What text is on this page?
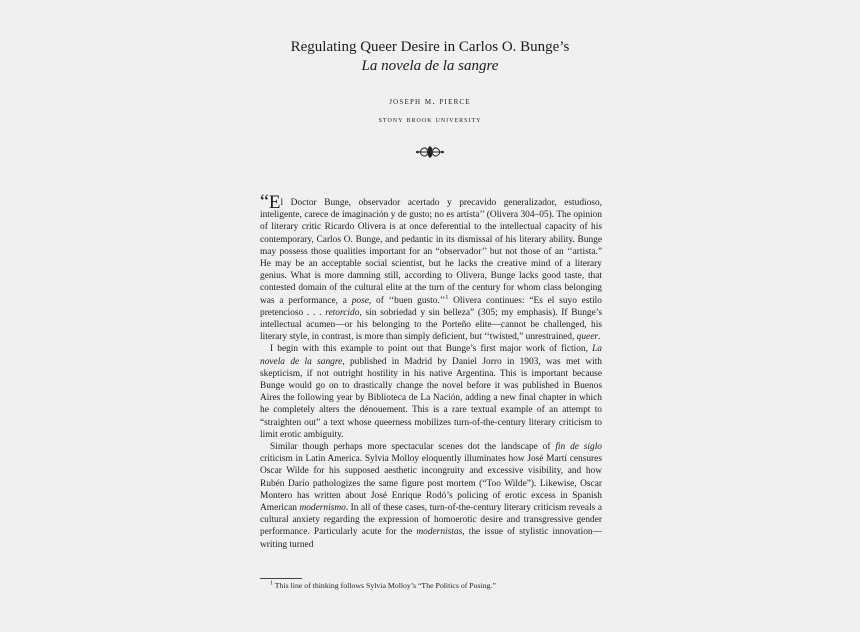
Regulating Queer Desire in Carlos O. Bunge’s
La novela de la sangre
joseph m. pierce
stony brook university

“El Doctor Bunge, observador acertado y precavido generalizador, estudioso, inteligente, carece de imaginación y de gusto; no es artista’’ (Olivera 304–05). The opinion of literary critic Ricardo Olivera is at once deferential to the intellectual capacity of his contemporary, Carlos O. Bunge, and pedantic in its dismissal of his literary ability. Bunge may possess those qualities important for an “observador’’ but not those of an ‘‘artista.” He may be an acceptable social scientist, but he lacks the creative mind of a literary genius. What is more damning still, according to Olivera, Bunge lacks good taste, that contested domain of the cultural elite at the turn of the century for whom class belonging was a performance, a pose, of ‘‘buen gusto.’’$^1$ Olivera continues: “Es el suyo estilo pretencioso . . . retorcido, sin sobriedad y sin belleza” (305; my emphasis). If Bunge’s intellectual acumen—or his belonging to the Porteño elite—cannot be challenged, his literary style, in contrast, is more than simply deficient, but ‘‘twisted,” unrestrained, queer.

I begin with this example to point out that Bunge’s first major work of fiction, La novela de la sangre, published in Madrid by Daniel Jorro in 1903, was met with skepticism, if not outright hostility in his native Argentina. This is important because Bunge would go on to drastically change the novel before it was published in Buenos Aires the following year by Biblioteca de La Nación, adding a new final chapter in which he completely alters the dénouement. This is a rare textual example of an attempt to “straighten out” a text whose queerness mobilizes turn-of-the-century literary criticism to limit erotic ambiguity.

Similar though perhaps more spectacular scenes dot the landscape of fin de siglo criticism in Latin America. Sylvia Molloy eloquently illuminates how José Martí censures Oscar Wilde for his supposed aesthetic incongruity and excessive visibility, and how Rubén Darío pathologizes the same figure post mortem (“Too Wilde”). Likewise, Oscar Montero has written about José Enrique Rodó’s policing of erotic excess in Spanish American modernismo. In all of these cases, turn-of-the-century literary criticism reveals a cultural anxiety regarding the expression of homoerotic desire and transgressive gender performance. Particularly acute for the modernistas, the issue of stylistic innovation—writing turned

$^1$ This line of thinking follows Sylvia Molloy’s “The Politics of Posing.”
